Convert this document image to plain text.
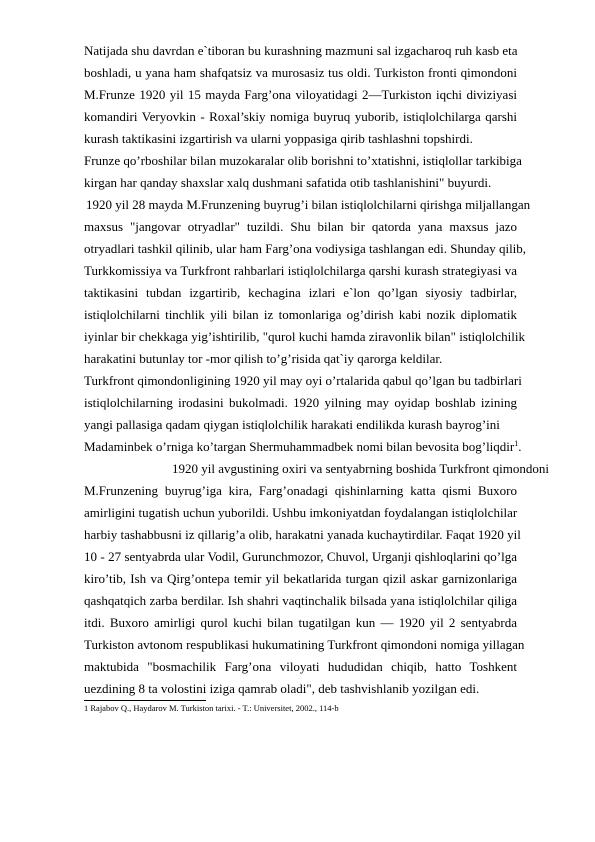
Natijada shu davrdan e`tiboran bu kurashning mazmuni sal izgacharoq ruh kasb eta
boshladi, u yana ham shafqatsiz va murosasiz tus oldi. Turkiston fronti qimondoni
M.Frunze 1920 yil 15 mayda Farg’ona viloyatidagi 2—Turkiston iqchi diviziyasi
komandiri Veryovkin - Roxal’skiy nomiga buyruq yuborib, istiqlolchilarga qarshi
kurash taktikasini izgartirish va ularni yoppasiga qirib tashlashni topshirdi.
Frunze qo’rboshilar bilan muzokaralar olib borishni to’xtatishni, istiqlollar tarkibiga
kirgan har qanday shaxslar xalq dushmani safatida otib tashlanishini" buyurdi.
1920 yil 28 mayda M.Frunzening buyrug’i bilan istiqlolchilarni qirishga miljallangan
maxsus "jangovar otryadlar" tuzildi. Shu bilan bir qatorda yana maxsus jazo
otryadlari tashkil qilinib, ular ham Farg’ona vodiysiga tashlangan edi. Shunday qilib,
Turkkomissiya va Turkfront rahbarlari istiqlolchilarga qarshi kurash strategiyasi va
taktikasini tubdan izgartirib, kechagina izlari e`lon qo’lgan siyosiy tadbirlar,
istiqlolchilarni tinchlik yili bilan iz tomonlariga og’dirish kabi nozik diplomatik
iyinlar bir chekkaga yig’ishtirilib, "qurol kuchi hamda ziravonlik bilan" istiqlolchilik
harakatini butunlay tor -mor qilish to’g’risida qat`iy qarorga keldilar.
Turkfront qimondonligining 1920 yil may oyi o’rtalarida qabul qo’lgan bu tadbirlari
istiqlolchilarning irodasini bukolmadi. 1920 yilning may oyidap boshlab izining
yangi pallasiga qadam qiygan istiqlolchilik harakati endilikda kurash bayrog’ini
Madaminbek o’rniga ko’targan Shermuhammadbek nomi bilan bevosita bog’liqdir$^1$.
1920 yil avgustining oxiri va sentyabrning boshida Turkfront qimondoni
M.Frunzening buyrug’iga kira, Farg’onadagi qishinlarning katta qismi Buxoro
amirligini tugatish uchun yuborildi. Ushbu imkoniyatdan foydalangan istiqlolchilar
harbiy tashabbusni iz qillarig’a olib, harakatni yanada kuchaytirdilar. Faqat 1920 yil
10 - 27 sentyabrda ular Vodil, Gurunchmozor, Chuvol, Urganji qishloqlarini qo’lga
kiro’tib, Ish va Qirg’ontepa temir yil bekatlarida turgan qizil askar garnizonlariga
qashqatqich zarba berdilar. Ish shahri vaqtinchalik bilsada yana istiqlolchilar qiliga
itdi. Buxoro amirligi qurol kuchi bilan tugatilgan kun — 1920 yil 2 sentyabrda
Turkiston avtonom respublikasi hukumatining Turkfront qimondoni nomiga yillagan
maktubida "bosmachilik Farg’ona viloyati hududidan chiqib, hatto Toshkent
uezdining 8 ta volostini iziga qamrab oladi", deb tashvishlanib yozilgan edi.
1 Rajabov Q., Haydarov M. Turkiston tarixi. - T.: Universitet, 2002., 114-b
